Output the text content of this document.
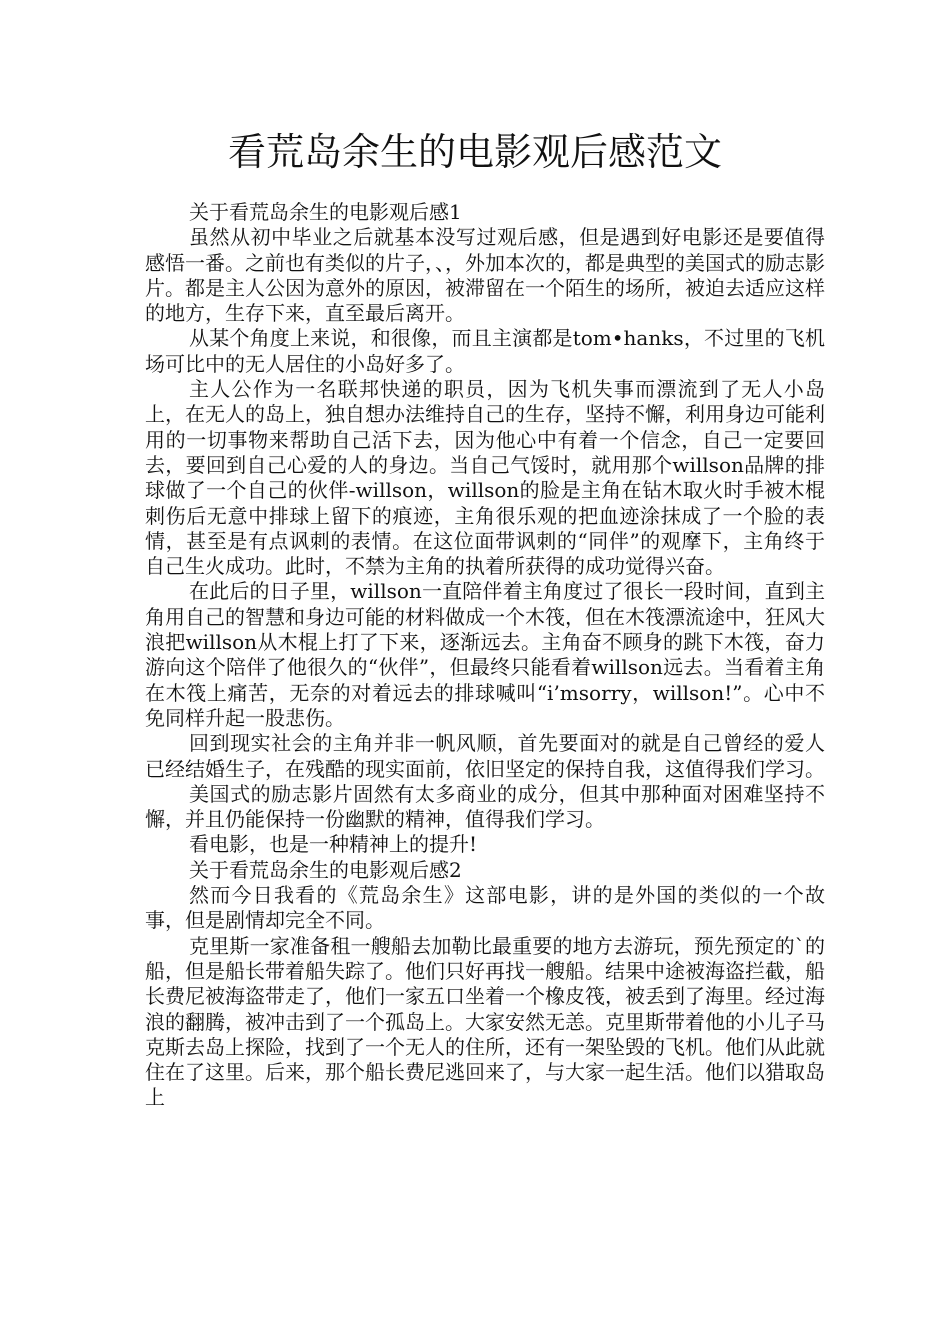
看荒岛余生的电影观后感范文

关于看荒岛余生的电影观后感1

虽然从初中毕业之后就基本没写过观后感，但是遇到好电影还是要值得感悟一番。之前也有类似的片子，、，外加本次的，都是典型的美国式的励志影片。都是主人公因为意外的原因，被滞留在一个陌生的场所，被迫去适应这样的地方，生存下来，直至最后离开。

从某个角度上来说，和很像，而且主演都是tom•hanks，不过里的飞机场可比中的无人居住的小岛好多了。

主人公作为一名联邦快递的职员，因为飞机失事而漂流到了无人小岛上，在无人的岛上，独自想办法维持自己的生存，坚持不懈，利用身边可能利用的一切事物来帮助自己活下去，因为他心中有着一个信念，自己一定要回去，要回到自己心爱的人的身边。当自己气馁时，就用那个willson品牌的排球做了一个自己的伙伴-willson，willson的脸是主角在钻木取火时手被木棍刺伤后无意中排球上留下的痕迹，主角很乐观的把血迹涂抹成了一个脸的表情，甚至是有点讽刺的表情。在这位面带讽刺的“同伴”的观摩下，主角终于自己生火成功。此时，不禁为主角的执着所获得的成功觉得兴奋。

在此后的日子里，willson一直陪伴着主角度过了很长一段时间，直到主角用自己的智慧和身边可能的材料做成一个木筏，但在木筏漂流途中，狂风大浪把willson从木棍上打了下来，逐渐远去。主角奋不顾身的跳下木筏，奋力游向这个陪伴了他很久的“伙伴”，但最终只能看着willson远去。当看着主角在木筏上痛苦，无奈的对着远去的排球喊叫“i’msorry，willson!”。心中不免同样升起一股悲伤。

回到现实社会的主角并非一帆风顺，首先要面对的就是自己曾经的爱人已经结婚生子，在残酷的现实面前，依旧坚定的保持自我，这值得我们学习。

美国式的励志影片固然有太多商业的成分，但其中那种面对困难坚持不懈，并且仍能保持一份幽默的精神，值得我们学习。

看电影，也是一种精神上的提升!

关于看荒岛余生的电影观后感2

然而今日我看的《荒岛余生》这部电影，讲的是外国的类似的一个故事，但是剧情却完全不同。

克里斯一家准备租一艘船去加勒比最重要的地方去游玩，预先预定的`的船，但是船长带着船失踪了。他们只好再找一艘船。结果中途被海盗拦截，船长费尼被海盗带走了，他们一家五口坐着一个橡皮筏，被丢到了海里。经过海浪的翻腾，被冲击到了一个孤岛上。大家安然无恙。克里斯带着他的小儿子马克斯去岛上探险，找到了一个无人的住所，还有一架坠毁的飞机。他们从此就住在了这里。后来，那个船长费尼逃回来了，与大家一起生活。他们以猎取岛上
